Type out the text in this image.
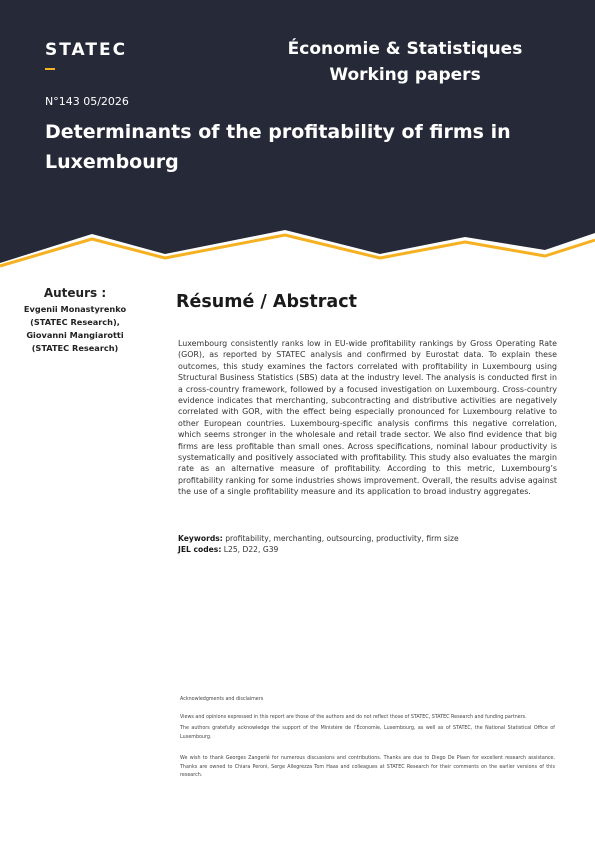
STATEC	Économie & Statistiques
Working papers
N°143 05/2026
Determinants of the profitability of firms in Luxembourg
Auteurs :
Evgenii Monastyrenko
(STATEC Research),
Giovanni Mangiarotti
(STATEC Research)
Résumé / Abstract

Luxembourg consistently ranks low in EU-wide profitability rankings by Gross Operating Rate (GOR), as reported by STATEC analysis and confirmed by Eurostat data. To explain these outcomes, this study examines the factors correlated with profitability in Luxembourg using Structural Business Statistics (SBS) data at the industry level. The analysis is conducted first in a cross-country framework, followed by a focused investigation on Luxembourg. Cross-country evidence indicates that merchanting, subcontracting and distributive activities are negatively correlated with GOR, with the effect being especially pronounced for Luxembourg relative to other European countries. Luxembourg-specific analysis confirms this negative correlation, which seems stronger in the wholesale and retail trade sector. We also find evidence that big firms are less profitable than small ones. Across specifications, nominal labour productivity is systematically and positively associated with profitability. This study also evaluates the margin rate as an alternative measure of profitability. According to this metric, Luxembourg’s profitability ranking for some industries shows improvement. Overall, the results advise against the use of a single profitability measure and its application to broad industry aggregates.

Keywords: profitability, merchanting, outsourcing, productivity, firm size
JEL codes: L25, D22, G39

Acknowledgments and disclaimers

Views and opinions expressed in this report are those of the authors and do not reflect those of STATEC, STATEC Research and funding partners.

The authors gratefully acknowledge the support of the Ministère de l’Économie, Luxembourg, as well as of STATEC, the National Statistical Office of Luxembourg.

We wish to thank Georges Zangerlé for numerous discussions and contributions. Thanks are due to Diego De Plaen for excellent research assistance. Thanks are owned to Chiara Peroni, Serge Allegrezza Tom Haas and colleagues at STATEC Research for their comments on the earlier versions of this research.
